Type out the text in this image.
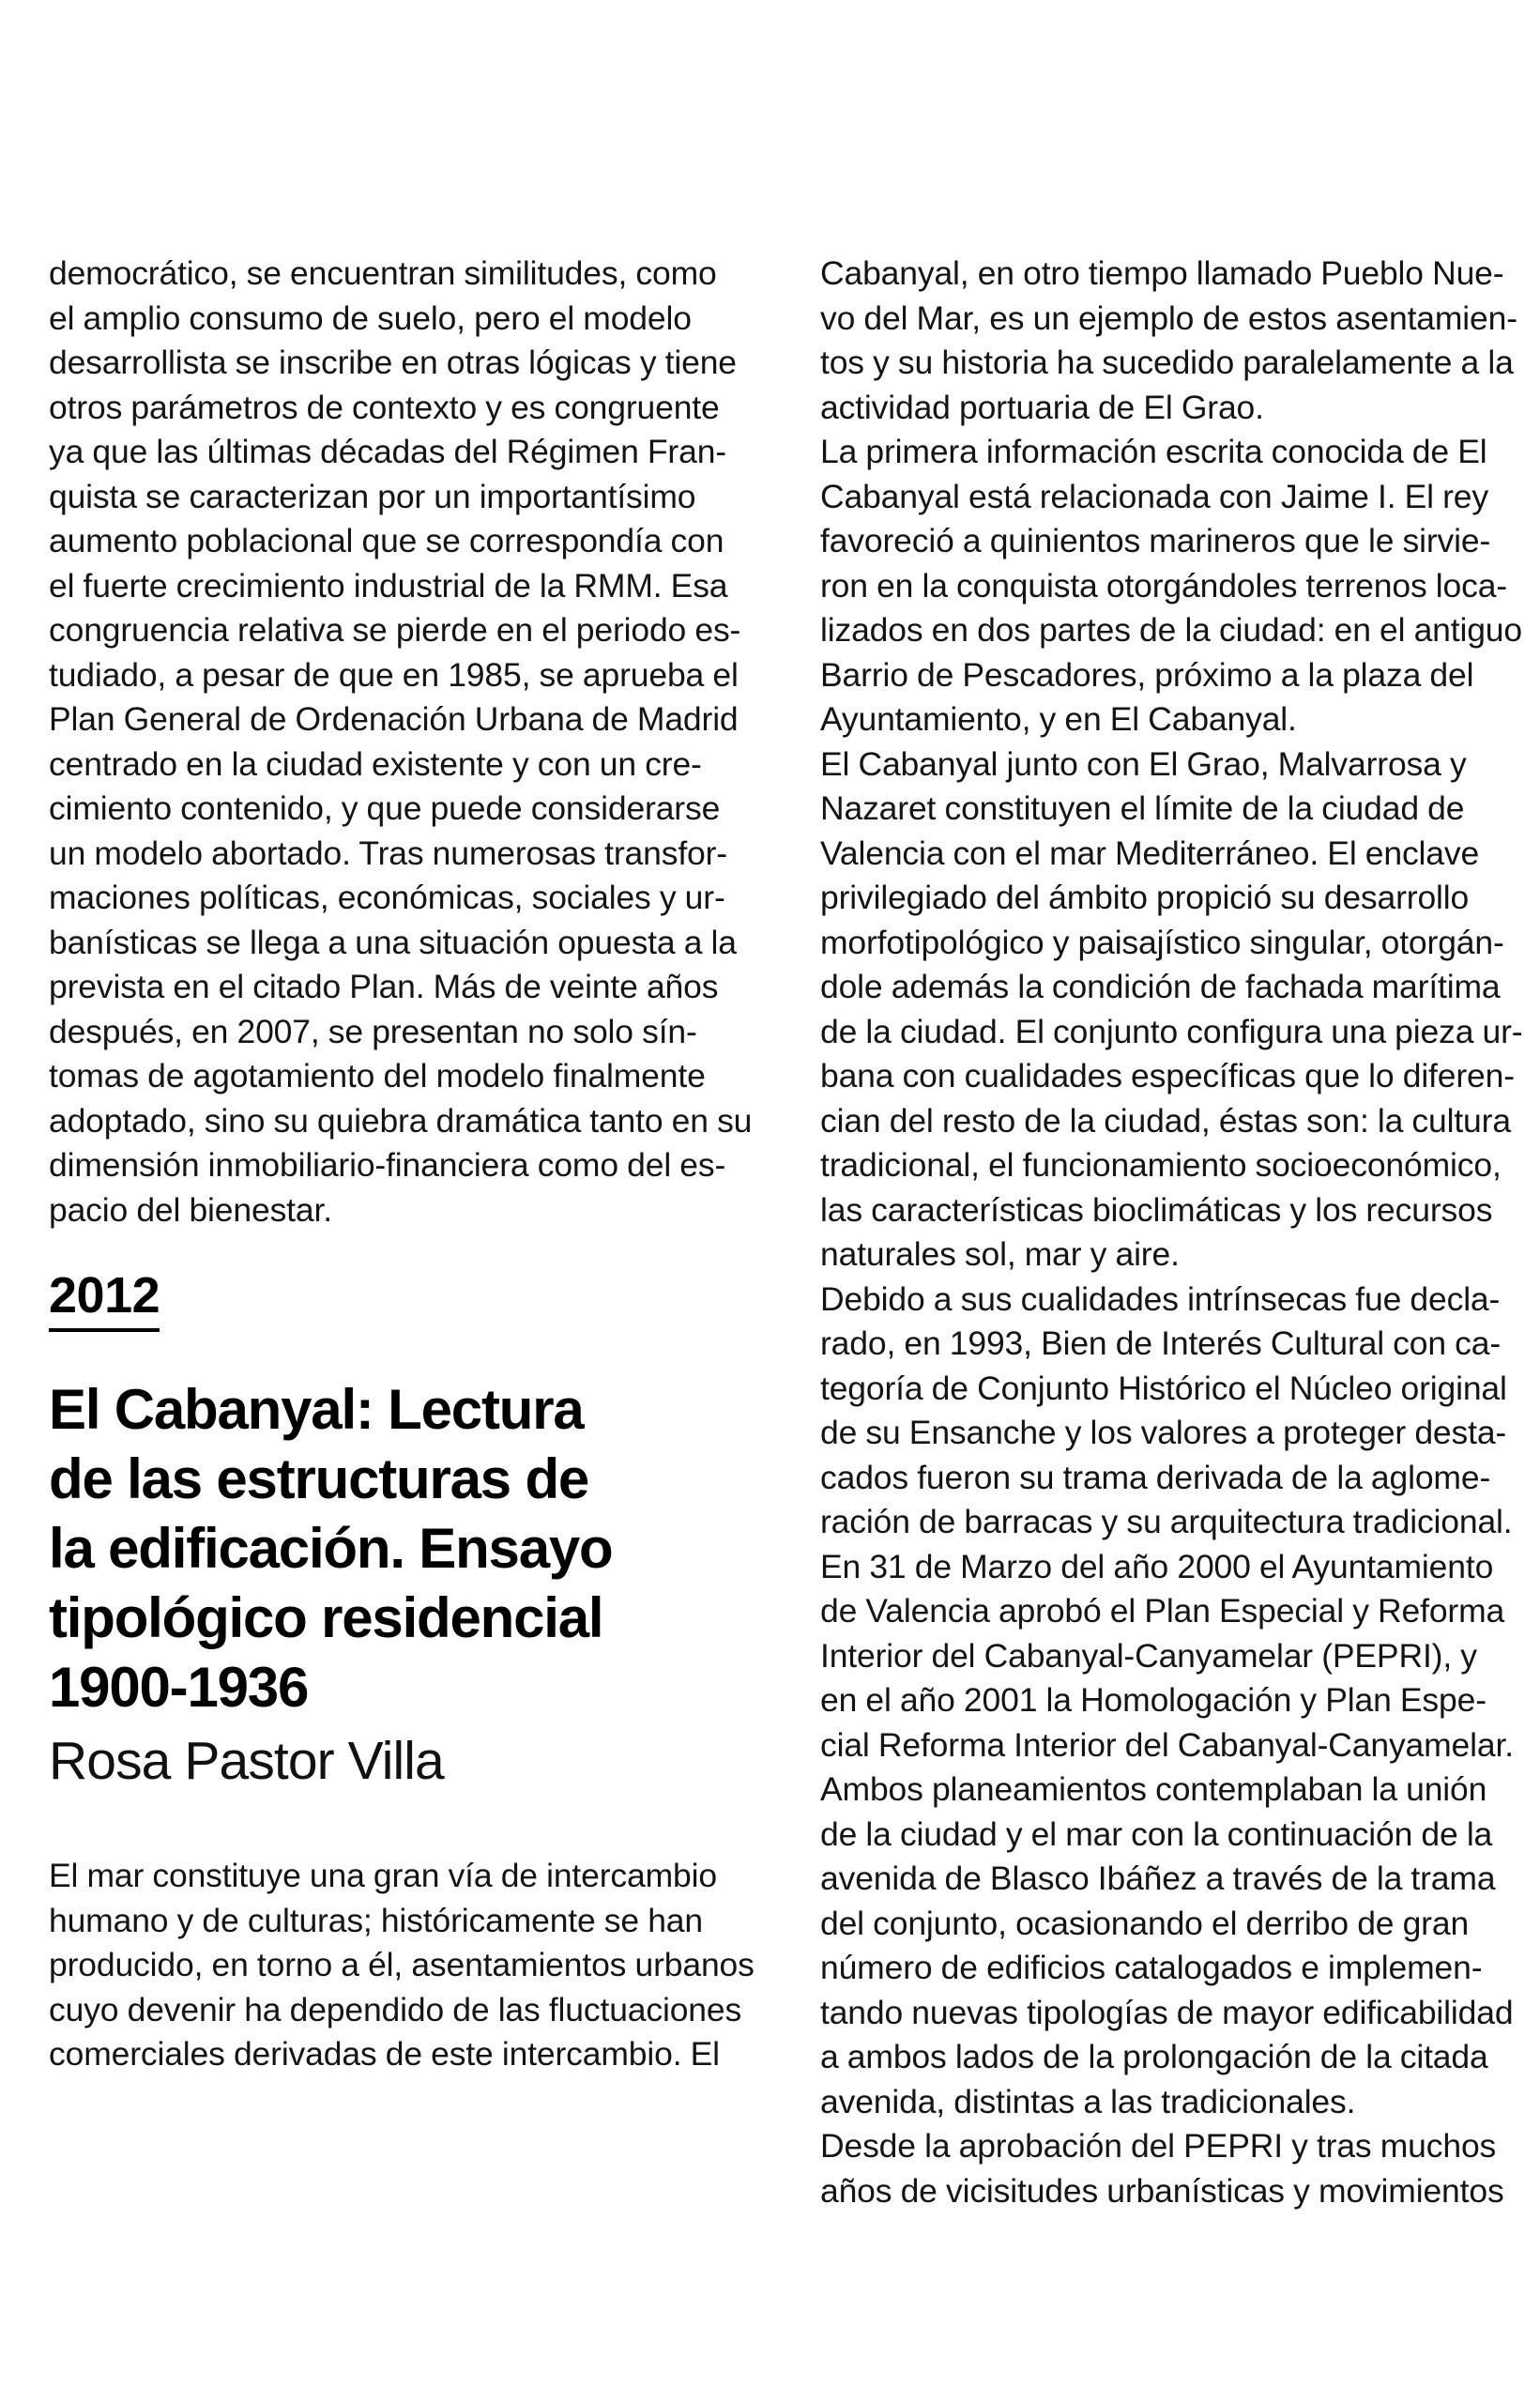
democrático, se encuentran similitudes, como
el amplio consumo de suelo, pero el modelo
desarrollista se inscribe en otras lógicas y tiene
otros parámetros de contexto y es congruente
ya que las últimas décadas del Régimen Fran-
quista se caracterizan por un importantísimo
aumento poblacional que se correspondía con
el fuerte crecimiento industrial de la RMM. Esa
congruencia relativa se pierde en el periodo es-
tudiado, a pesar de que en 1985, se aprueba el
Plan General de Ordenación Urbana de Madrid
centrado en la ciudad existente y con un cre-
cimiento contenido, y que puede considerarse
un modelo abortado. Tras numerosas transfor-
maciones políticas, económicas, sociales y ur-
banísticas se llega a una situación opuesta a la
prevista en el citado Plan. Más de veinte años
después, en 2007, se presentan no solo sín-
tomas de agotamiento del modelo finalmente
adoptado, sino su quiebra dramática tanto en su
dimensión inmobiliario-financiera como del es-
pacio del bienestar.

2012
El Cabanyal: Lectura
de las estructuras de
la edificación. Ensayo
tipológico residencial
1900-1936

Rosa Pastor Villa

El mar constituye una gran vía de intercambio
humano y de culturas; históricamente se han
producido, en torno a él, asentamientos urbanos
cuyo devenir ha dependido de las fluctuaciones
comerciales derivadas de este intercambio. El

Cabanyal, en otro tiempo llamado Pueblo Nue-
vo del Mar, es un ejemplo de estos asentamien-
tos y su historia ha sucedido paralelamente a la
actividad portuaria de El Grao.

La primera información escrita conocida de El
Cabanyal está relacionada con Jaime I. El rey
favoreció a quinientos marineros que le sirvie-
ron en la conquista otorgándoles terrenos loca-
lizados en dos partes de la ciudad: en el antiguo
Barrio de Pescadores, próximo a la plaza del
Ayuntamiento, y en El Cabanyal.

El Cabanyal junto con El Grao, Malvarrosa y
Nazaret constituyen el límite de la ciudad de
Valencia con el mar Mediterráneo. El enclave
privilegiado del ámbito propició su desarrollo
morfotipológico y paisajístico singular, otorgán-
dole además la condición de fachada marítima
de la ciudad. El conjunto configura una pieza ur-
bana con cualidades específicas que lo diferen-
cian del resto de la ciudad, éstas son: la cultura
tradicional, el funcionamiento socioeconómico,
las características bioclimáticas y los recursos
naturales sol, mar y aire.

Debido a sus cualidades intrínsecas fue decla-
rado, en 1993, Bien de Interés Cultural con ca-
tegoría de Conjunto Histórico el Núcleo original
de su Ensanche y los valores a proteger desta-
cados fueron su trama derivada de la aglome-
ración de barracas y su arquitectura tradicional.

En 31 de Marzo del año 2000 el Ayuntamiento
de Valencia aprobó el Plan Especial y Reforma
Interior del Cabanyal-Canyamelar (PEPRI), y
en el año 2001 la Homologación y Plan Espe-
cial Reforma Interior del Cabanyal-Canyamelar.
Ambos planeamientos contemplaban la unión
de la ciudad y el mar con la continuación de la
avenida de Blasco Ibáñez a través de la trama
del conjunto, ocasionando el derribo de gran
número de edificios catalogados e implemen-
tando nuevas tipologías de mayor edificabilidad
a ambos lados de la prolongación de la citada
avenida, distintas a las tradicionales.

Desde la aprobación del PEPRI y tras muchos
años de vicisitudes urbanísticas y movimientos
